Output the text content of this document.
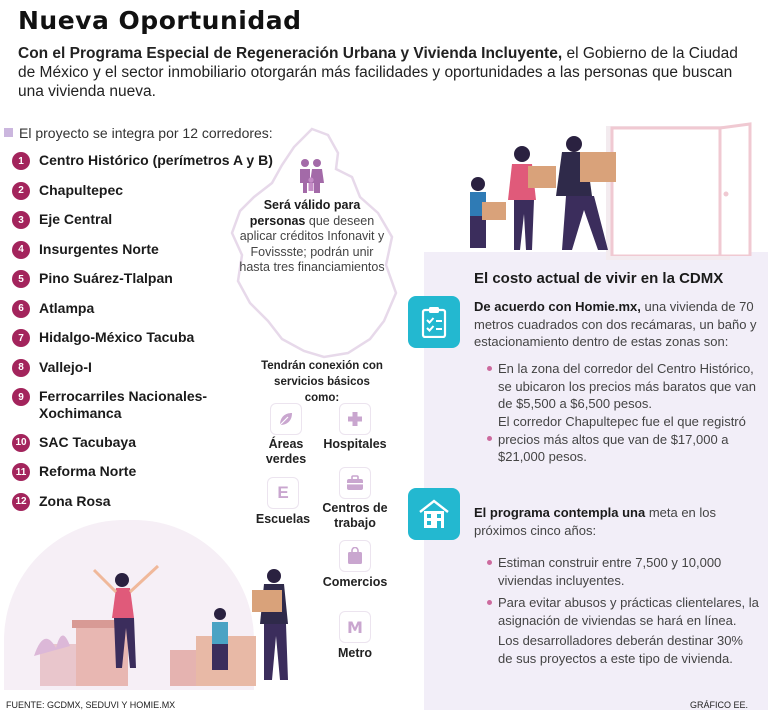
Nueva Oportunidad
Con el Programa Especial de Regeneración Urbana y Vivienda Incluyente, el Gobierno de la Ciudad de México y el sector inmobiliario otorgarán más facilidades y oportunidades a las personas que buscan una vivienda nueva.
El proyecto se integra por 12 corredores:
1	Centro Histórico (perímetros A y B)
2	Chapultepec
3	Eje Central
4	Insurgentes Norte
5	Pino Suárez-Tlalpan
6	Atlampa
7	Hidalgo-México Tacuba
8	Vallejo-I
9	Ferrocarriles Nacionales-Xochimanca
10 SAC Tacubaya
11 Reforma Norte
12 Zona Rosa
Será válido para personas que deseen aplicar créditos Infonavit y Fovissste; podrán unir hasta tres financiamientos
Tendrán conexión con servicios básicos como:
Áreas verdes
Hospitales
E
Escuelas
Centros de trabajo
Comercios
M
Metro
El costo actual de vivir en la CDMX
De acuerdo con Homie.mx, una vivienda de 70 metros cuadrados con dos recámaras, un baño y estacionamiento dentro de estas zonas son:
En la zona del corredor del Centro Histórico, se ubicaron los precios más baratos que van de $5,500 a $6,500 pesos.
El corredor Chapultepec fue el que registró precios más altos que van de $17,000 a $21,000 pesos.
El programa contempla una meta en los próximos cinco años:
Estiman construir entre 7,500 y 10,000 viviendas incluyentes.
Para evitar abusos y prácticas clientelares, la asignación de viviendas se hará en línea.
Los desarrolladores deberán destinar 30% de sus proyectos a este tipo de vivienda.
FUENTE: GCDMX, SEDUVI Y HOMIE.MX	GRÁFICO EE.
